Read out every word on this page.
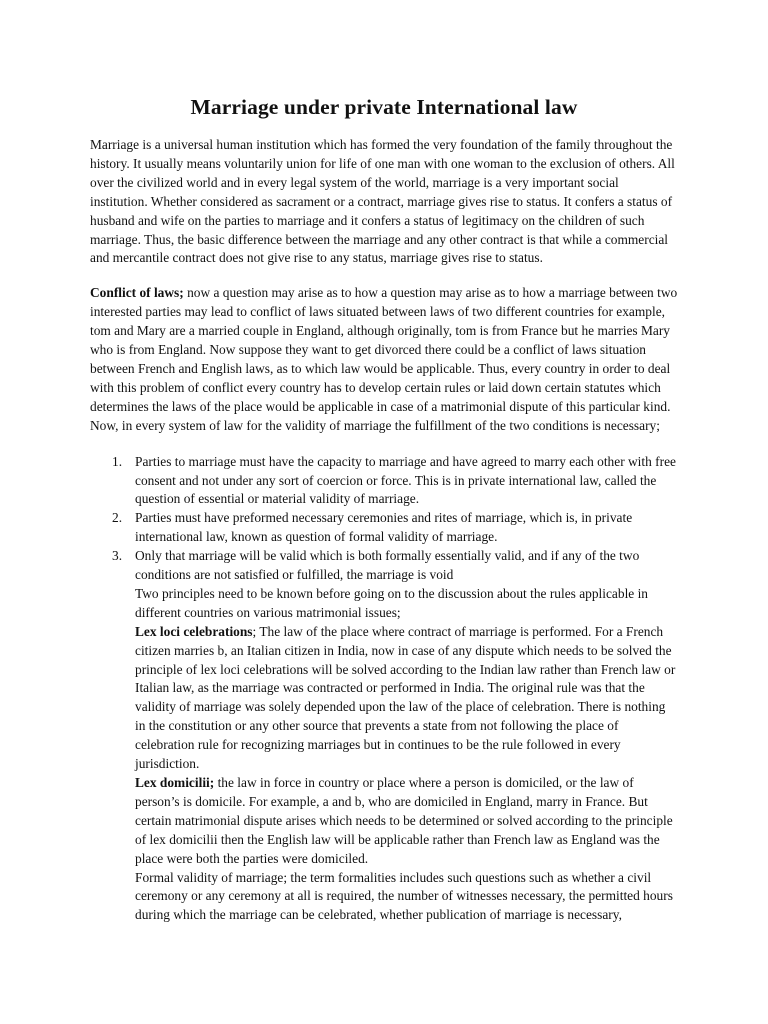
Marriage under private International law

Marriage is a universal human institution which has formed the very foundation of the family throughout the history. It usually means voluntarily union for life of one man with one woman to the exclusion of others. All over the civilized world and in every legal system of the world, marriage is a very important social institution. Whether considered as sacrament or a contract, marriage gives rise to status. It confers a status of husband and wife on the parties to marriage and it confers a status of legitimacy on the children of such marriage. Thus, the basic difference between the marriage and any other contract is that while a commercial and mercantile contract does not give rise to any status, marriage gives rise to status.

Conflict of laws; now a question may arise as to how a question may arise as to how a marriage between two interested parties may lead to conflict of laws situated between laws of two different countries for example, tom and Mary are a married couple in England, although originally, tom is from France but he marries Mary who is from England. Now suppose they want to get divorced there could be a conflict of laws situation between French and English laws, as to which law would be applicable. Thus, every country in order to deal with this problem of conflict every country has to develop certain rules or laid down certain statutes which determines the laws of the place would be applicable in case of a matrimonial dispute of this particular kind. Now, in every system of law for the validity of marriage the fulfillment of the two conditions is necessary;

1. Parties to marriage must have the capacity to marriage and have agreed to marry each other with free consent and not under any sort of coercion or force. This is in private international law, called the question of essential or material validity of marriage.
2. Parties must have preformed necessary ceremonies and rites of marriage, which is, in private international law, known as question of formal validity of marriage.
3. Only that marriage will be valid which is both formally essentially valid, and if any of the two conditions are not satisfied or fulfilled, the marriage is void

Two principles need to be known before going on to the discussion about the rules applicable in different countries on various matrimonial issues;

Lex loci celebrations; The law of the place where contract of marriage is performed. For a French citizen marries b, an Italian citizen in India, now in case of any dispute which needs to be solved the principle of lex loci celebrations will be solved according to the Indian law rather than French law or Italian law, as the marriage was contracted or performed in India. The original rule was that the validity of marriage was solely depended upon the law of the place of celebration. There is nothing in the constitution or any other source that prevents a state from not following the place of celebration rule for recognizing marriages but in continues to be the rule followed in every jurisdiction.

Lex domicilii; the law in force in country or place where a person is domiciled, or the law of person’s is domicile. For example, a and b, who are domiciled in England, marry in France. But certain matrimonial dispute arises which needs to be determined or solved according to the principle of lex domicilii then the English law will be applicable rather than French law as England was the place were both the parties were domiciled.

Formal validity of marriage; the term formalities includes such questions such as whether a civil ceremony or any ceremony at all is required, the number of witnesses necessary, the permitted hours during which the marriage can be celebrated, whether publication of marriage is necessary,
